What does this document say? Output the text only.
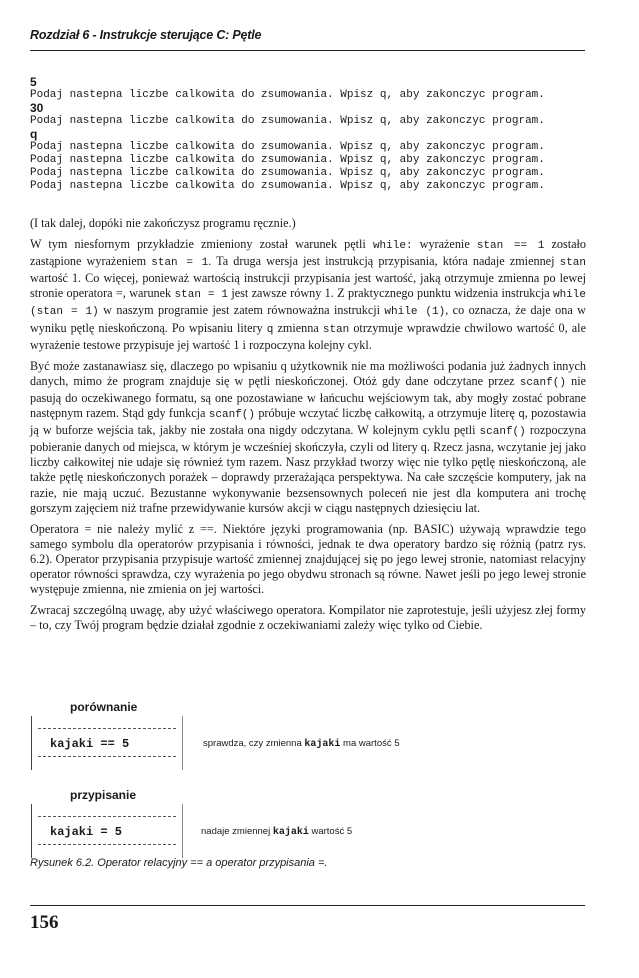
Rozdział 6 - Instrukcje sterujące C: Pętle
5
Podaj nastepna liczbe calkowita do zsumowania. Wpisz q, aby zakonczyc program.
30
Podaj nastepna liczbe calkowita do zsumowania. Wpisz q, aby zakonczyc program.
q
Podaj nastepna liczbe calkowita do zsumowania. Wpisz q, aby zakonczyc program.
Podaj nastepna liczbe calkowita do zsumowania. Wpisz q, aby zakonczyc program.
Podaj nastepna liczbe calkowita do zsumowania. Wpisz q, aby zakonczyc program.
Podaj nastepna liczbe calkowita do zsumowania. Wpisz q, aby zakonczyc program.

(I tak dalej, dopóki nie zakończysz programu ręcznie.)

W tym niesfornym przykładzie zmieniony został warunek pętli while: wyrażenie stan == 1 zostało zastąpione wyrażeniem stan = 1. Ta druga wersja jest instrukcją przypisania, która nadaje zmiennej stan wartość 1. Co więcej, ponieważ wartością instrukcji przypisania jest wartość, jaką otrzymuje zmienna po lewej stronie operatora =, warunek stan = 1 jest zawsze równy 1. Z praktycznego punktu widzenia instrukcja while (stan = 1) w naszym programie jest zatem równoważna instrukcji while (1), co oznacza, że daje ona w wyniku pętlę nieskończoną. Po wpisaniu litery q zmienna stan otrzymuje wprawdzie chwilowo wartość 0, ale wyrażenie testowe przypisuje jej wartość 1 i rozpoczyna kolejny cykl.

Być może zastanawiasz się, dlaczego po wpisaniu q użytkownik nie ma możliwości podania już żadnych innych danych, mimo że program znajduje się w pętli nieskończonej. Otóż gdy dane odczytane przez scanf() nie pasują do oczekiwanego formatu, są one pozostawiane w łańcuchu wejściowym tak, aby mogły zostać pobrane następnym razem. Stąd gdy funkcja scanf() próbuje wczytać liczbę całkowitą, a otrzymuje literę q, pozostawia ją w buforze wejścia tak, jakby nie została ona nigdy odczytana. W kolejnym cyklu pętli scanf() rozpoczyna pobieranie danych od miejsca, w którym je wcześniej skończyła, czyli od litery q. Rzecz jasna, wczytanie jej jako liczby całkowitej nie udaje się również tym razem. Nasz przykład tworzy więc nie tylko pętlę nieskończoną, ale także pętlę nieskończonych porażek – doprawdy przerażająca perspektywa. Na całe szczęście komputery, jak na razie, nie mają uczuć. Bezustanne wykonywanie bezsensownych poleceń nie jest dla komputera ani trochę gorszym zajęciem niż trafne przewidywanie kursów akcji w ciągu następnych dziesięciu lat.

Operatora = nie należy mylić z ==. Niektóre języki programowania (np. BASIC) używają wprawdzie tego samego symbolu dla operatorów przypisania i równości, jednak te dwa operatory bardzo się różnią (patrz rys. 6.2). Operator przypisania przypisuje wartość zmiennej znajdującej się po jego lewej stronie, natomiast relacyjny operator równości sprawdza, czy wyrażenia po jego obydwu stronach są równe. Nawet jeśli po jego lewej stronie występuje zmienna, nie zmienia on jej wartości.

Zwracaj szczególną uwagę, aby użyć właściwego operatora. Kompilator nie zaprotestuje, jeśli użyjesz złej formy – to, czy Twój program będzie działał zgodnie z oczekiwaniami zależy więc tylko od Ciebie.

porównanie
kajaki == 5	sprawdza, czy zmienna kajaki ma wartość 5
przypisanie
kajaki = 5	nadaje zmiennej kajaki wartość 5
Rysunek 6.2. Operator relacyjny == a operator przypisania =.
156
